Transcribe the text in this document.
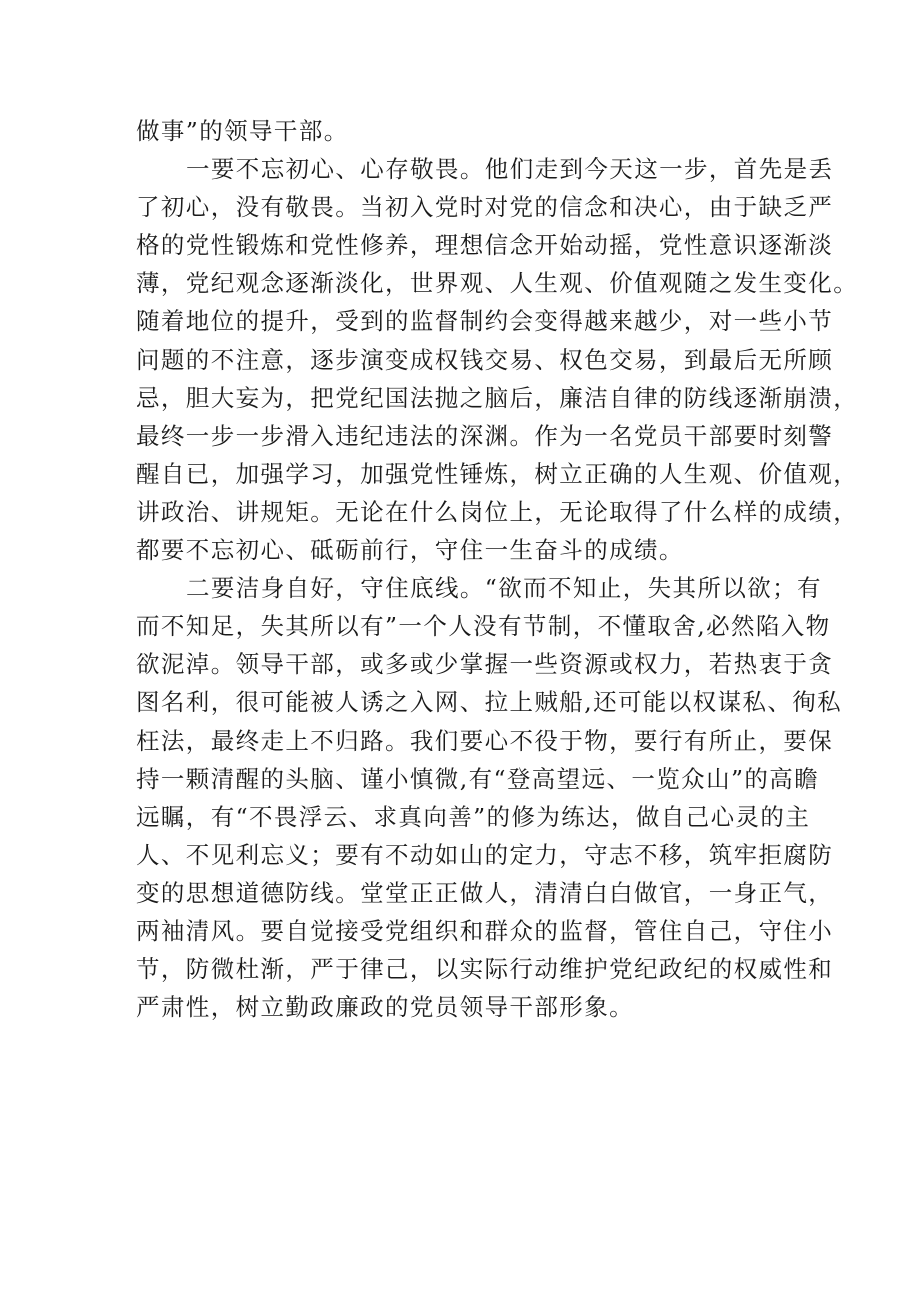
做事”的领导干部。
一要不忘初心、心存敬畏。他们走到今天这一步，首先是丢
了初心，没有敬畏。当初入党时对党的信念和决心，由于缺乏严
格的党性锻炼和党性修养，理想信念开始动摇，党性意识逐渐淡
薄，党纪观念逐渐淡化，世界观、人生观、价值观随之发生变化。
随着地位的提升，受到的监督制约会变得越来越少，对一些小节
问题的不注意，逐步演变成权钱交易、权色交易，到最后无所顾
忌，胆大妄为，把党纪国法抛之脑后，廉洁自律的防线逐渐崩溃，
最终一步一步滑入违纪违法的深渊。作为一名党员干部要时刻警
醒自已，加强学习，加强党性锤炼，树立正确的人生观、价值观，
讲政治、讲规矩。无论在什么岗位上，无论取得了什么样的成绩，
都要不忘初心、砥砺前行，守住一生奋斗的成绩。
二要洁身自好，守住底线。“欲而不知止，失其所以欲；有
而不知足，失其所以有”一个人没有节制，不懂取舍,必然陷入物
欲泥淖。领导干部，或多或少掌握一些资源或权力，若热衷于贪
图名利，很可能被人诱之入网、拉上贼船,还可能以权谋私、徇私
枉法，最终走上不归路。我们要心不役于物，要行有所止，要保
持一颗清醒的头脑、谨小慎微,有“登高望远、一览众山”的高瞻
远瞩，有“不畏浮云、求真向善”的修为练达，做自己心灵的主
人、不见利忘义；要有不动如山的定力，守志不移，筑牢拒腐防
变的思想道德防线。堂堂正正做人，清清白白做官，一身正气，
两袖清风。要自觉接受党组织和群众的监督，管住自己，守住小
节，防微杜渐，严于律己，以实际行动维护党纪政纪的权威性和
严肃性，树立勤政廉政的党员领导干部形象。
